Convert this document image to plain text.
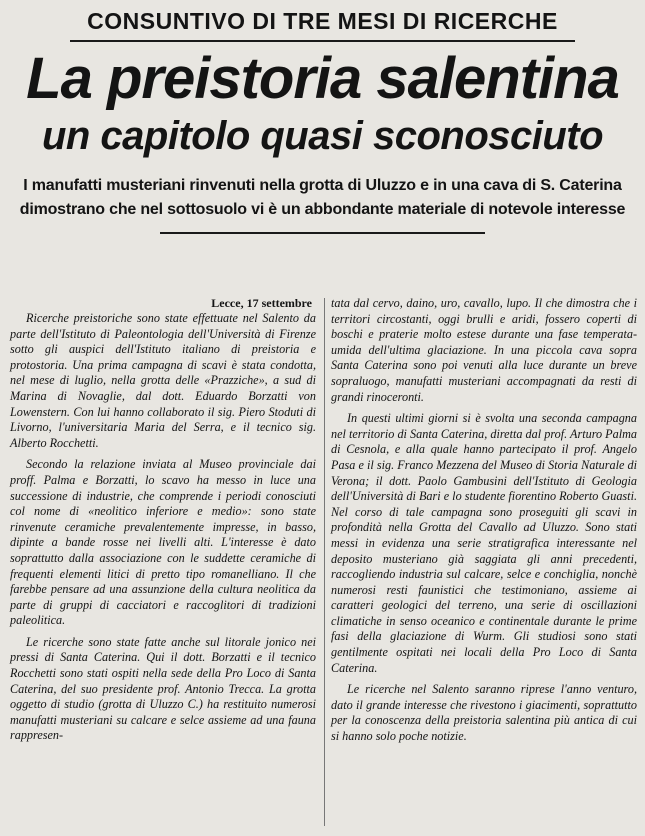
CONSUNTIVO DI TRE MESI DI RICERCHE
La preistoria salentina
un capitolo quasi sconosciuto
I manufatti musteriani rinvenuti nella grotta di Uluzzo e in una cava di S. Caterina
dimostrano che nel sottosuolo vi è un abbondante materiale di notevole interesse
Lecce, 17 settembre

Ricerche preistoriche sono state effettuate nel Salento da parte dell'Istituto di Paleontologia dell'Università di Firenze sotto gli auspici dell'Istituto italiano di preistoria e protostoria. Una prima campagna di scavi è stata condotta, nel mese di luglio, nella grotta delle «Prazziche», a sud di Marina di Novaglie, dal dott. Eduardo Borzatti von Lowenstern. Con lui hanno collaborato il sig. Piero Stoduti di Livorno, l'universitaria Maria del Serra, e il tecnico sig. Alberto Rocchetti.

Secondo la relazione inviata al Museo provinciale dai proff. Palma e Borzatti, lo scavo ha messo in luce una successione di industrie, che comprende i periodi conosciuti col nome di «neolitico inferiore e medio»: sono state rinvenute ceramiche prevalentemente impresse, in basso, dipinte a bande rosse nei livelli alti. L'interesse è dato soprattutto dalla associazione con le suddette ceramiche di frequenti elementi litici di pretto tipo romanelliano. Il che farebbe pensare ad una assunzione della cultura neolitica da parte di gruppi di cacciatori e raccoglitori di tradizioni paleolitica.

Le ricerche sono state fatte anche sul litorale jonico nei pressi di Santa Caterina. Qui il dott. Borzatti e il tecnico Rocchetti sono stati ospiti nella sede della Pro Loco di Santa Caterina, del suo presidente prof. Antonio Trecca. La grotta oggetto di studio (grotta di Uluzzo C.) ha restituito numerosi manufatti musteriani su calcare e selce assieme ad una fauna rappresen-

tata dal cervo, daino, uro, cavallo, lupo. Il che dimostra che i territori circostanti, oggi brulli e aridi, fossero coperti di boschi e praterie molto estese durante una fase temperata-umida dell'ultima glaciazione. In una piccola cava sopra Santa Caterina sono poi venuti alla luce durante un breve sopraluogo, manufatti musteriani accompagnati da resti di grandi rinoceronti.

In questi ultimi giorni si è svolta una seconda campagna nel territorio di Santa Caterina, diretta dal prof. Arturo Palma di Cesnola, e alla quale hanno partecipato il prof. Angelo Pasa e il sig. Franco Mezzena del Museo di Storia Naturale di Verona; il dott. Paolo Gambusini dell'Istituto di Geologia dell'Università di Bari e lo studente fiorentino Roberto Guasti. Nel corso di tale campagna sono proseguiti gli scavi in profondità nella Grotta del Cavallo ad Uluzzo. Sono stati messi in evidenza una serie stratigrafica interessante nel deposito musteriano già saggiata gli anni precedenti, raccogliendo industria sul calcare, selce e conchiglia, nonchè numerosi resti faunistici che testimoniano, assieme ai caratteri geologici del terreno, una serie di oscillazioni climatiche in senso oceanico e continentale durante le prime fasi della glaciazione di Wurm. Gli studiosi sono stati gentilmente ospitati nei locali della Pro Loco di Santa Caterina.

Le ricerche nel Salento saranno riprese l'anno venturo, dato il grande interesse che rivestono i giacimenti, soprattutto per la conoscenza della preistoria salentina più antica di cui si hanno solo poche notizie.
